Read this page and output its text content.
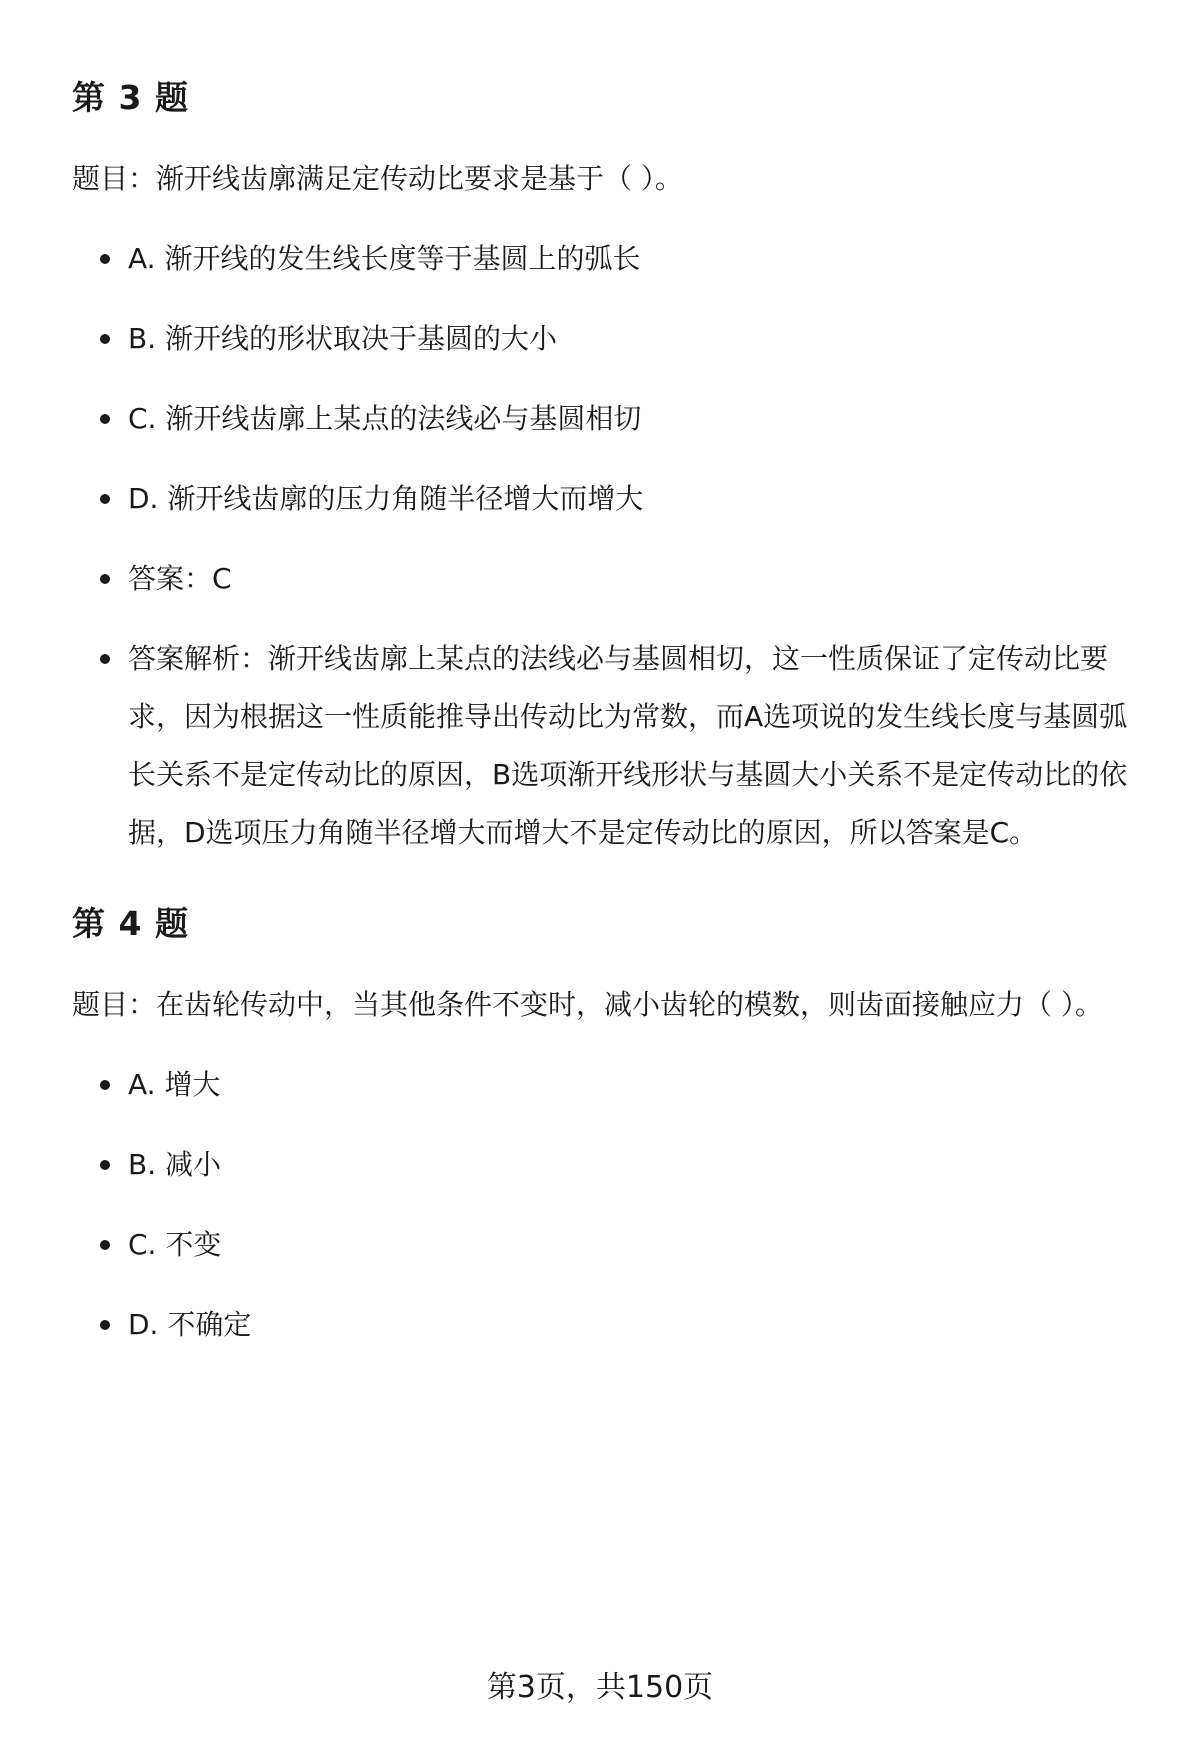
第 3 题

题目：渐开线齿廓满足定传动比要求是基于（ ）。

A. 渐开线的发生线长度等于基圆上的弧长
B. 渐开线的形状取决于基圆的大小
C. 渐开线齿廓上某点的法线必与基圆相切
D. 渐开线齿廓的压力角随半径增大而增大
答案：C
答案解析：渐开线齿廓上某点的法线必与基圆相切，这一性质保证了定传动比要求，因为根据这一性质能推导出传动比为常数，而A选项说的发生线长度与基圆弧长关系不是定传动比的原因，B选项渐开线形状与基圆大小关系不是定传动比的依据，D选项压力角随半径增大而增大不是定传动比的原因，所以答案是C。
第 4 题

题目：在齿轮传动中，当其他条件不变时，减小齿轮的模数，则齿面接触应力（ ）。

A. 增大
B. 减小
C. 不变
D. 不确定
第3页，共150页
